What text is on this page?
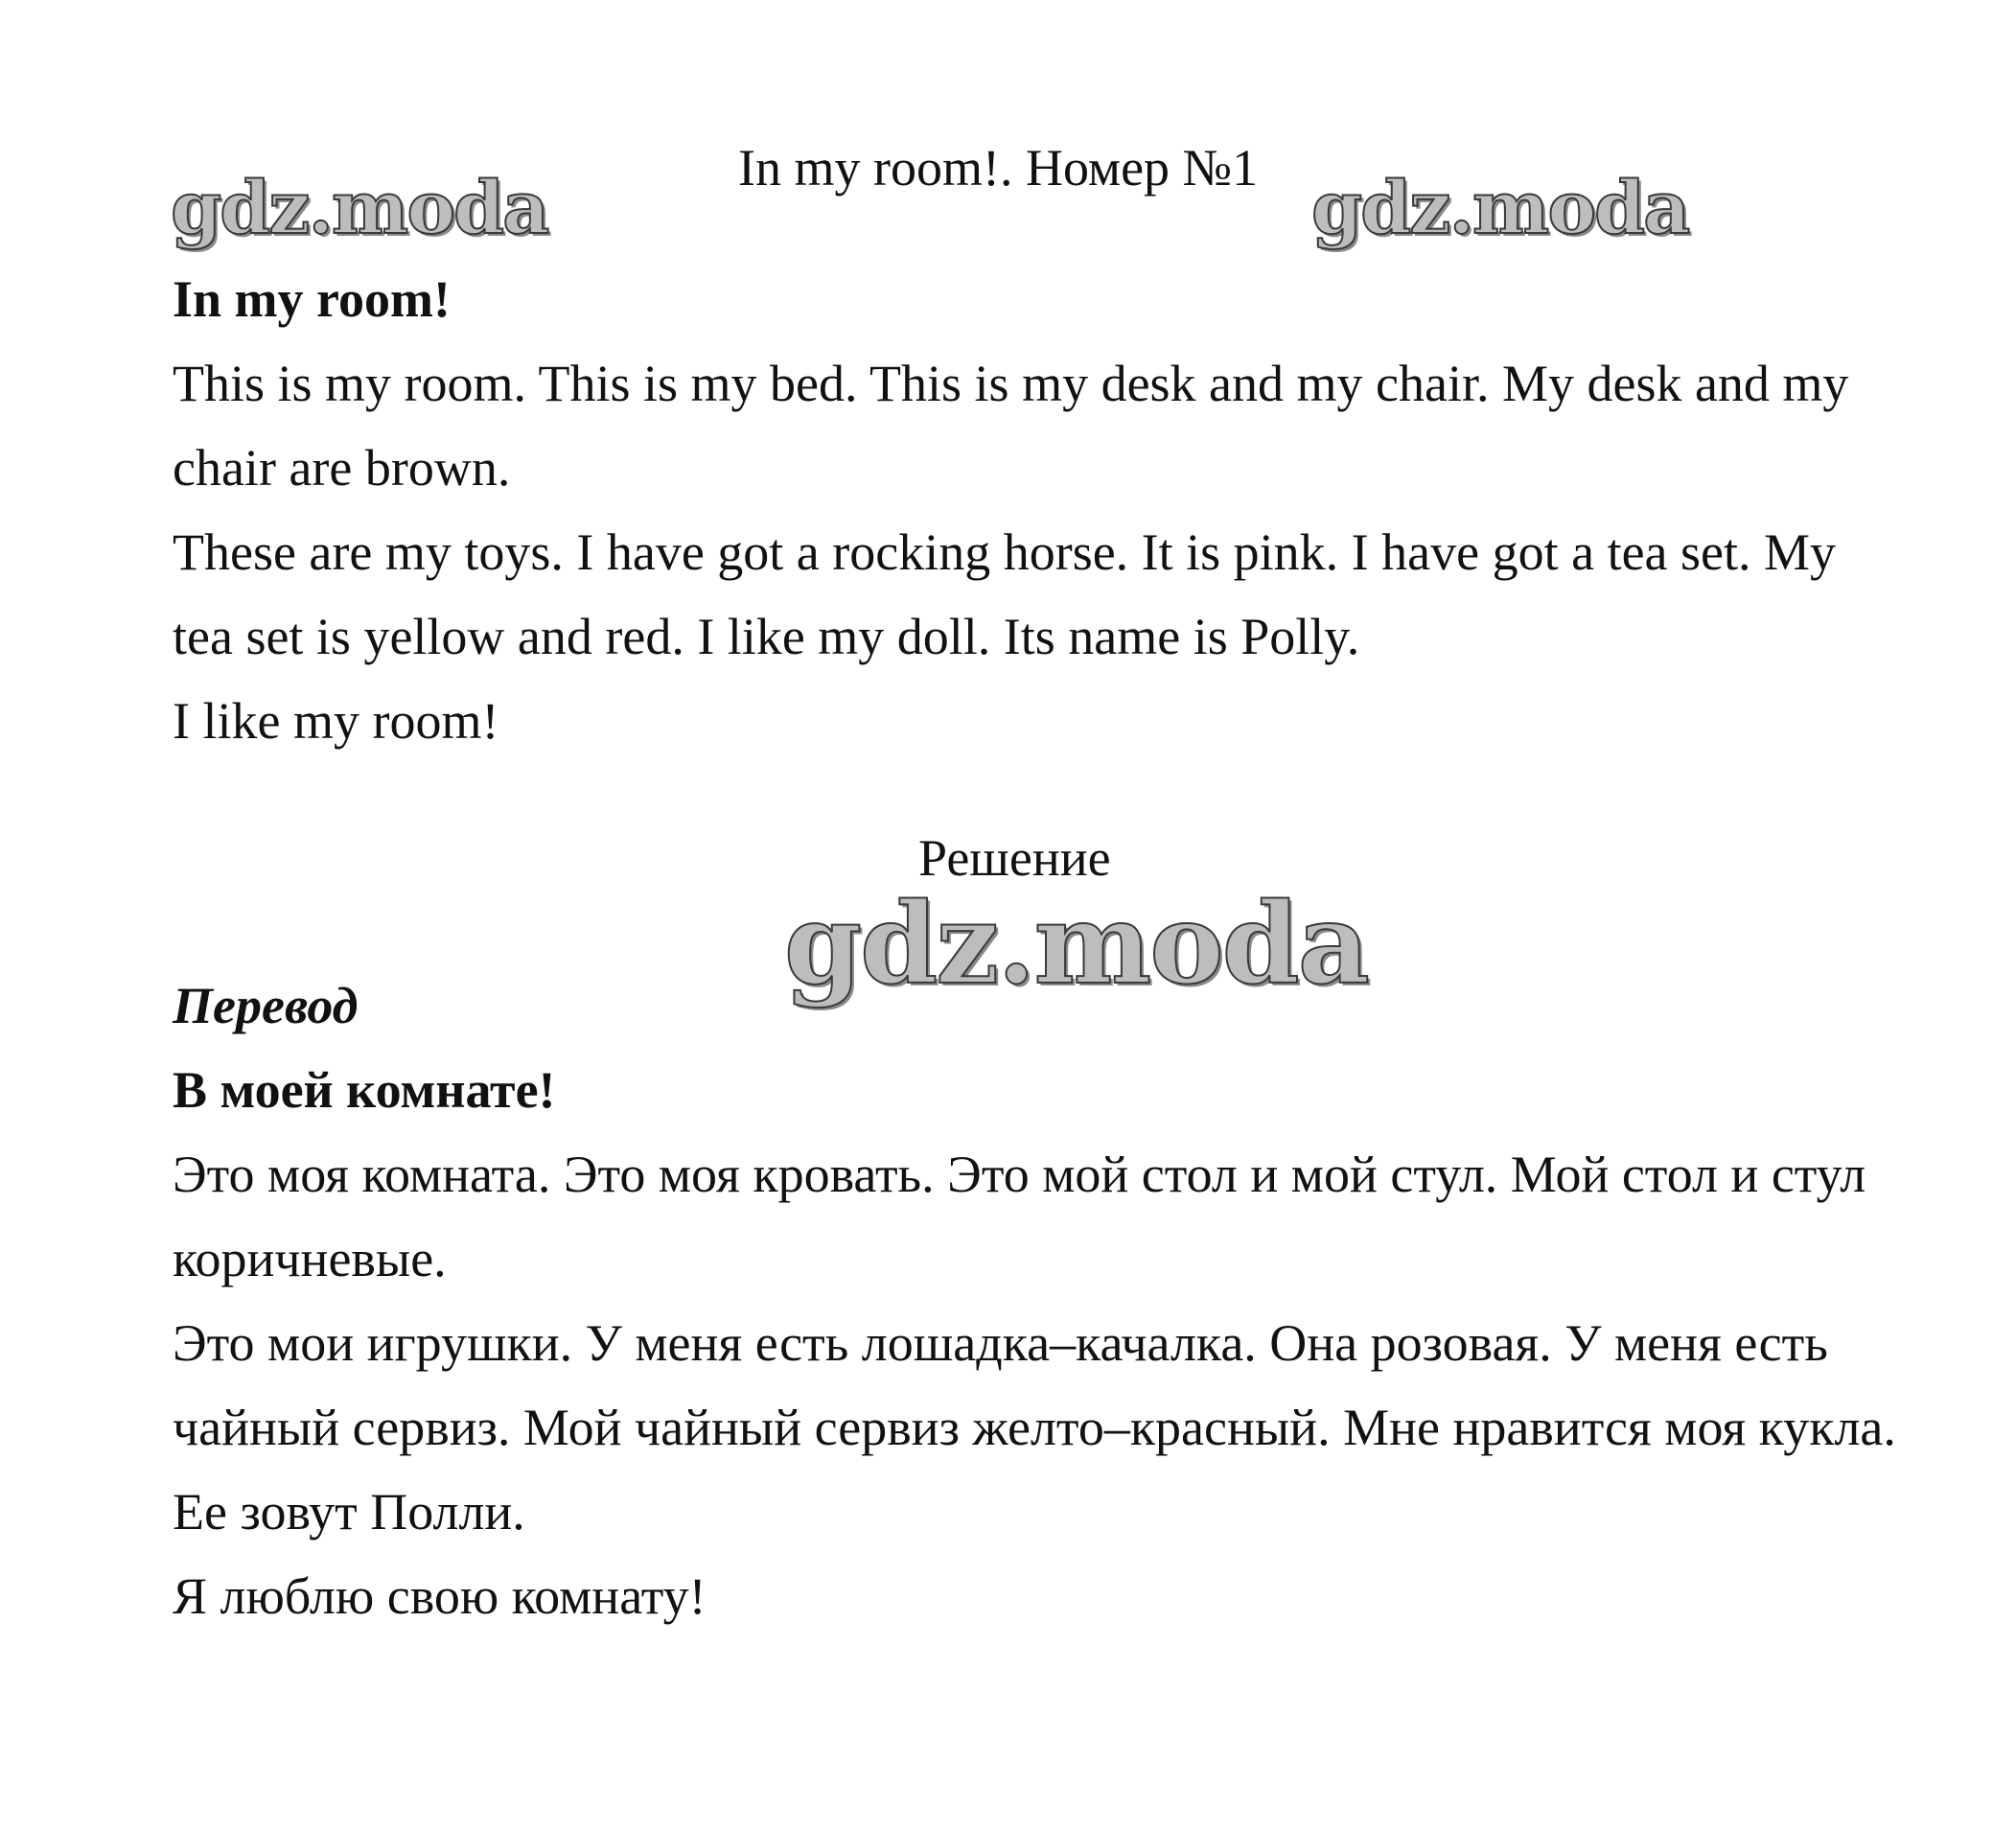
In my room!. Номер №1
gdz.moda	gdz.moda

In my room!

This is my room. This is my bed. This is my desk and my chair. My desk and my chair are brown.

These are my toys. I have got a rocking horse. It is pink. I have got a tea set. My tea set is yellow and red. I like my doll. Its name is Polly.

I like my room!

Решение
gdz.moda

Перевод

В моей комнате!

Это моя комната. Это моя кровать. Это мой стол и мой стул. Мой стол и стул коричневые.

Это мои игрушки. У меня есть лошадка–качалка. Она розовая. У меня есть чайный сервиз. Мой чайный сервиз желто–красный. Мне нравится моя кукла. Ее зовут Полли.

Я люблю свою комнату!
